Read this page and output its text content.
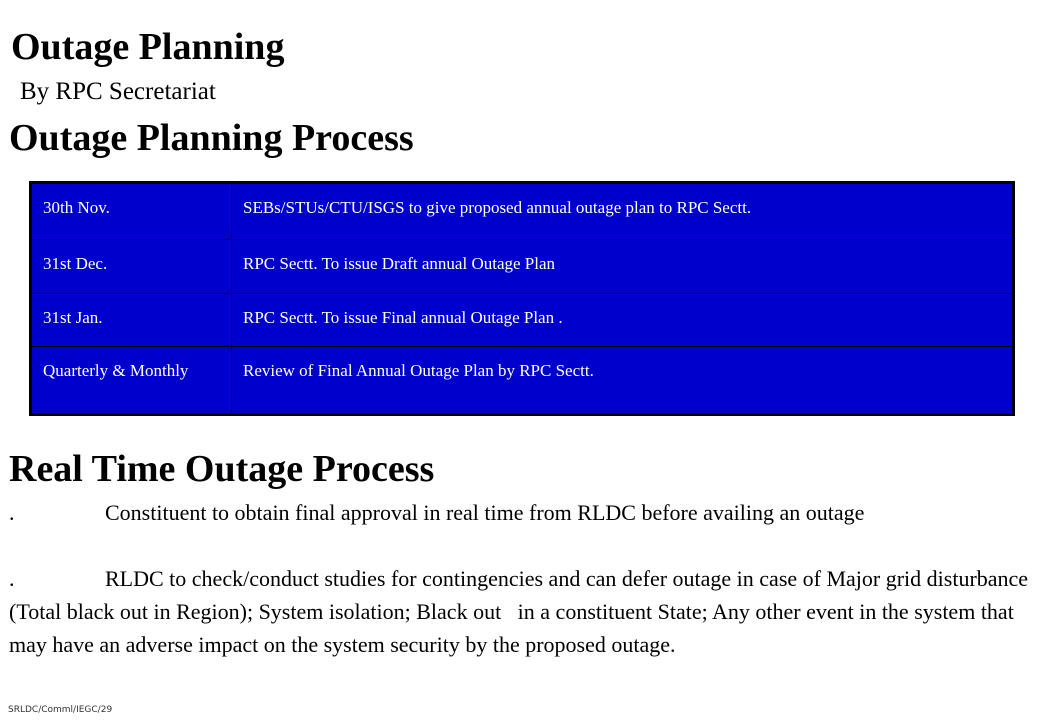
Outage Planning
By RPC Secretariat
Outage Planning Process
30th Nov.	SEBs/STUs/CTU/ISGS to give proposed annual outage plan to RPC Sectt.
31st Dec.	RPC Sectt. To issue Draft annual Outage Plan
31st Jan.	RPC Sectt. To issue Final annual Outage Plan .
Quarterly & Monthly	Review of Final Annual Outage Plan by RPC Sectt.
Real Time Outage Process

.	Constituent to obtain final approval in real time from RLDC before availing an outage

.	RLDC to check/conduct studies for contingencies and can defer outage in case of Major grid disturbance (Total black out in Region); System isolation; Black out   in a constituent State; Any other event in the system that may have an adverse impact on the system security by the proposed outage.

SRLDC/Comml/IEGC/29
